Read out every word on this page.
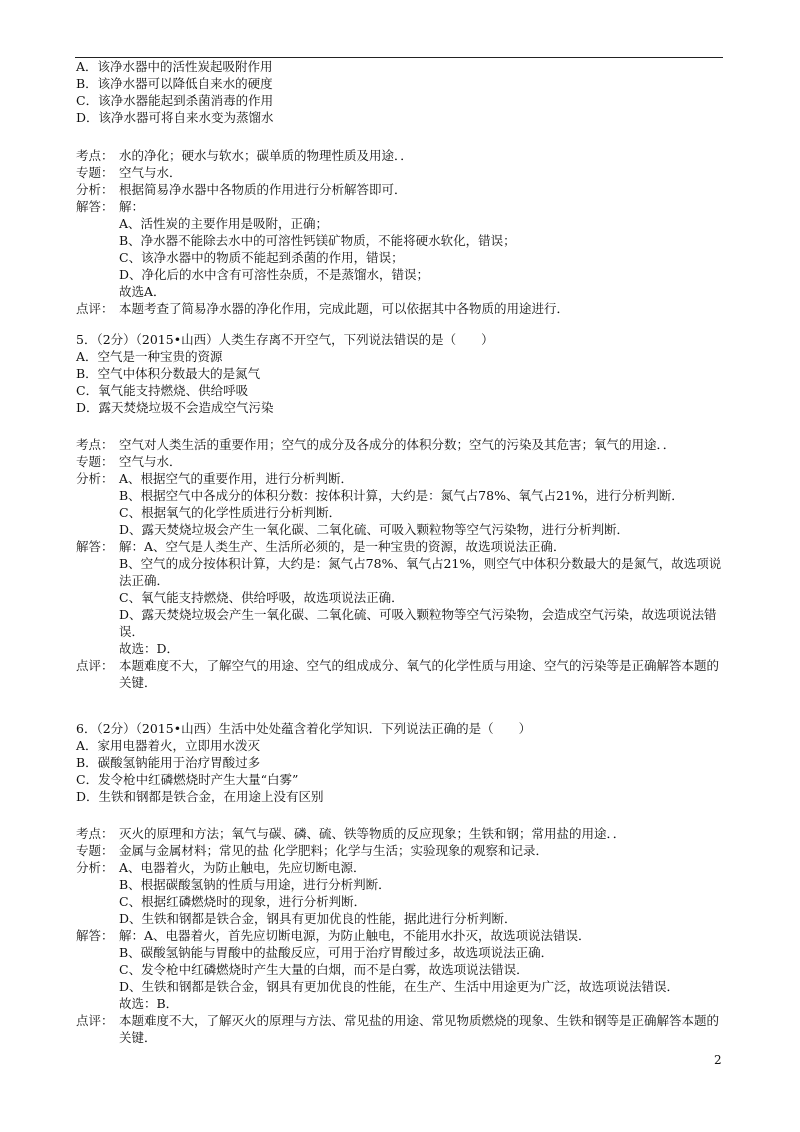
A．该净水器中的活性炭起吸附作用
B．该净水器可以降低自来水的硬度
C．该净水器能起到杀菌消毒的作用
D．该净水器可将自来水变为蒸馏水
考点： 水的净化；硬水与软水；碳单质的物理性质及用途．．
专题： 空气与水．
分析： 根据简易净水器中各物质的作用进行分析解答即可．
解答： 解：
A、活性炭的主要作用是吸附，正确；
B、净水器不能除去水中的可溶性钙镁矿物质，不能将硬水软化，错误；
C、该净水器中的物质不能起到杀菌的作用，错误；
D、净化后的水中含有可溶性杂质，不是蒸馏水，错误；
故选A．
点评： 本题考查了简易净水器的净化作用，完成此题，可以依据其中各物质的用途进行．
5．（2分）（2015•山西）人类生存离不开空气，下列说法错误的是（　　）
A．空气是一种宝贵的资源
B．空气中体积分数最大的是氮气
C．氧气能支持燃烧、供给呼吸
D．露天焚烧垃圾不会造成空气污染
考点： 空气对人类生活的重要作用；空气的成分及各成分的体积分数；空气的污染及其危害；氧气的用途．．
专题： 空气与水．
分析： A、根据空气的重要作用，进行分析判断．
B、根据空气中各成分的体积分数：按体积计算，大约是：氮气占78%、氧气占21%，进行分析判断．
C、根据氧气的化学性质进行分析判断．
D、露天焚烧垃圾会产生一氧化碳、二氧化硫、可吸入颗粒物等空气污染物，进行分析判断．
解答： 解：A、空气是人类生产、生活所必须的，是一种宝贵的资源，故选项说法正确．
B、空气的成分按体积计算，大约是：氮气占78%、氧气占21%，则空气中体积分数最大的是氮气，故选项说法正确．
C、氧气能支持燃烧、供给呼吸，故选项说法正确．
D、露天焚烧垃圾会产生一氧化碳、二氧化硫、可吸入颗粒物等空气污染物，会造成空气污染，故选项说法错误．
故选：D．
点评： 本题难度不大，了解空气的用途、空气的组成成分、氧气的化学性质与用途、空气的污染等是正确解答本题的关键．
6．（2分）（2015•山西）生活中处处蕴含着化学知识．下列说法正确的是（　　）
A．家用电器着火，立即用水泼灭
B．碳酸氢钠能用于治疗胃酸过多
C．发令枪中红磷燃烧时产生大量“白雾”
D．生铁和钢都是铁合金，在用途上没有区别
考点： 灭火的原理和方法；氧气与碳、磷、硫、铁等物质的反应现象；生铁和钢；常用盐的用途．．
专题： 金属与金属材料；常见的盐 化学肥料；化学与生活；实验现象的观察和记录．
分析： A、电器着火，为防止触电，先应切断电源．
B、根据碳酸氢钠的性质与用途，进行分析判断．
C、根据红磷燃烧时的现象，进行分析判断．
D、生铁和钢都是铁合金，钢具有更加优良的性能，据此进行分析判断．
解答： 解：A、电器着火，首先应切断电源，为防止触电，不能用水扑灭，故选项说法错误．
B、碳酸氢钠能与胃酸中的盐酸反应，可用于治疗胃酸过多，故选项说法正确．
C、发令枪中红磷燃烧时产生大量的白烟，而不是白雾，故选项说法错误．
D、生铁和钢都是铁合金，钢具有更加优良的性能，在生产、生活中用途更为广泛，故选项说法错误．
故选：B．
点评： 本题难度不大，了解灭火的原理与方法、常见盐的用途、常见物质燃烧的现象、生铁和钢等是正确解答本题的关键．
2
